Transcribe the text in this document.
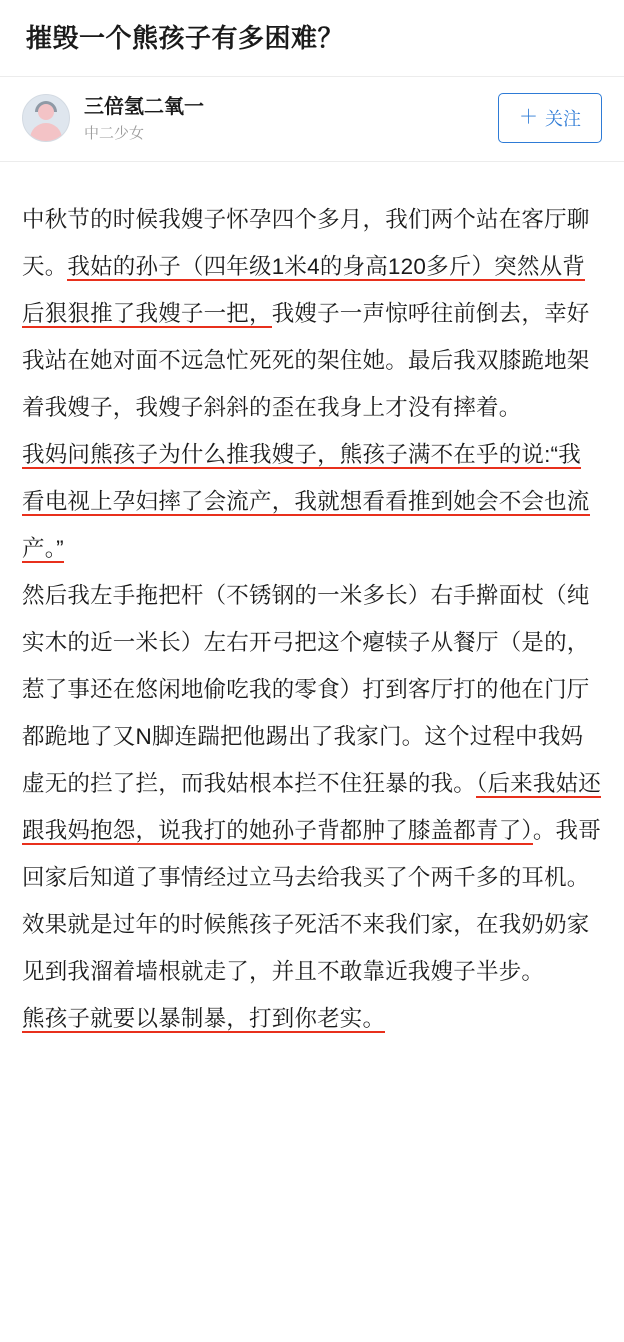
摧毁一个熊孩子有多困难？
三倍氢二氧一
中二少女
＋ 关注
中秋节的时候我嫂子怀孕四个多月，我们两个站在客厅聊天。我姑的孙子（四年级1米4的身高120多斤）突然从背后狠狠推了我嫂子一把，我嫂子一声惊呼往前倒去，幸好我站在她对面不远急忙死死的架住她。最后我双膝跪地架着我嫂子，我嫂子斜斜的歪在我身上才没有摔着。
我妈问熊孩子为什么推我嫂子，熊孩子满不在乎的说:“我看电视上孕妇摔了会流产，我就想看看推到她会不会也流产。”
然后我左手拖把杆（不锈钢的一米多长）右手擀面杖（纯实木的近一米长）左右开弓把这个瘪犊子从餐厅（是的，惹了事还在悠闲地偷吃我的零食）打到客厅打的他在门厅都跪地了又N脚连踹把他踢出了我家门。这个过程中我妈虚无的拦了拦，而我姑根本拦不住狂暴的我。（后来我姑还跟我妈抱怨，说我打的她孙子背都肿了膝盖都青了）。我哥回家后知道了事情经过立马去给我买了个两千多的耳机。
效果就是过年的时候熊孩子死活不来我们家，在我奶奶家见到我溜着墙根就走了，并且不敢靠近我嫂子半步。
熊孩子就要以暴制暴，打到你老实。
